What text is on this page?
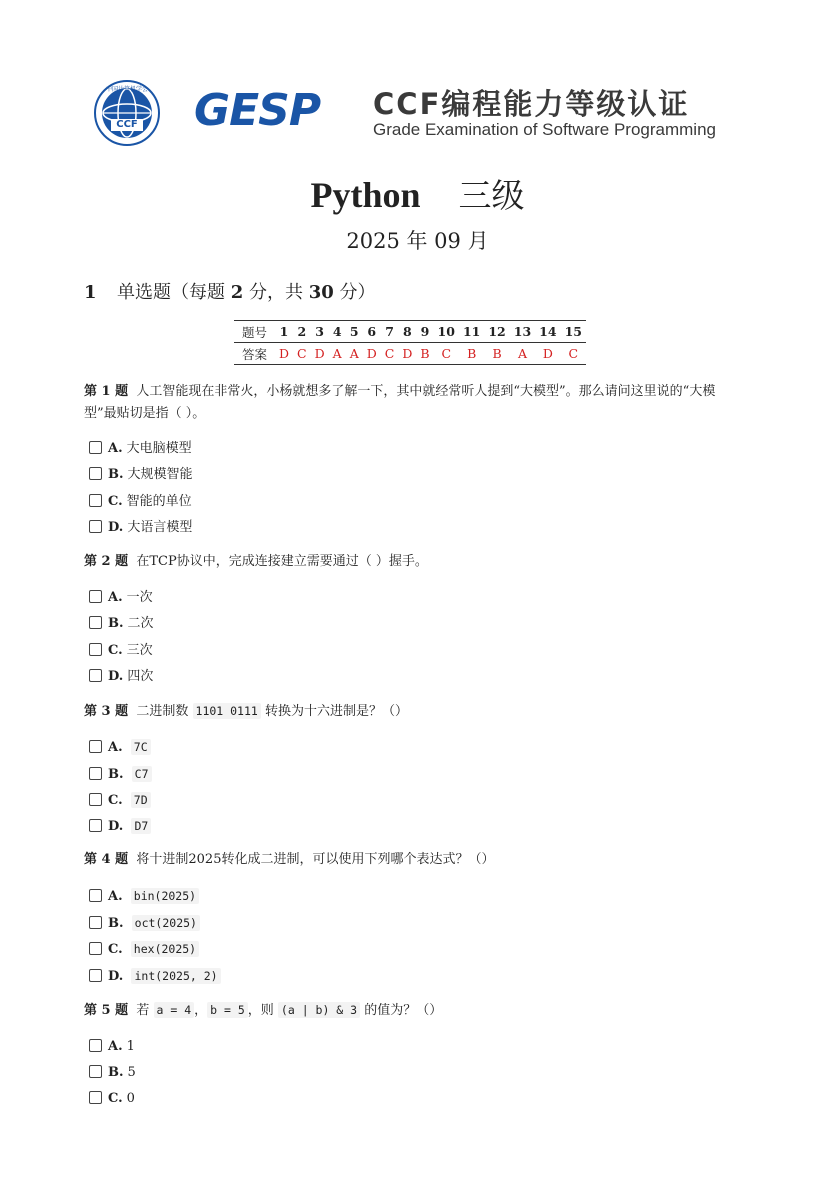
中国计算机学会
CCF GESP	CCF编程能力等级认证
Grade Examination of Software Programming
Python 三级
2025 年 09 月
1 单选题（每题 2 分，共 30 分）
题号	1	2	3	4	5	6	7	8	9	10	11	12	13	14	15
答案	D	C	D	A	A	D	C	D	B	C	B	B	A	D	C
第 1 题 人工智能现在非常火，小杨就想多了解一下，其中就经常听人提到“大模型”。那么请问这里说的“大模型”最贴切是指（ ）。
A. 大电脑模型
B. 大规模智能
C. 智能的单位
D. 大语言模型
第 2 题 在TCP协议中，完成连接建立需要通过（ ）握手。
A. 一次
B. 二次
C. 三次
D. 四次
第 3 题 二进制数 1101 0111 转换为十六进制是？（）
A. 7C
B. C7
C. 7D
D. D7
第 4 题 将十进制2025转化成二进制，可以使用下列哪个表达式？（）
A. bin(2025)
B. oct(2025)
C. hex(2025)
D. int(2025, 2)
第 5 题 若 a = 4 ， b = 5 ，则 (a | b) & 3 的值为？（）
A. 1
B. 5
C. 0
